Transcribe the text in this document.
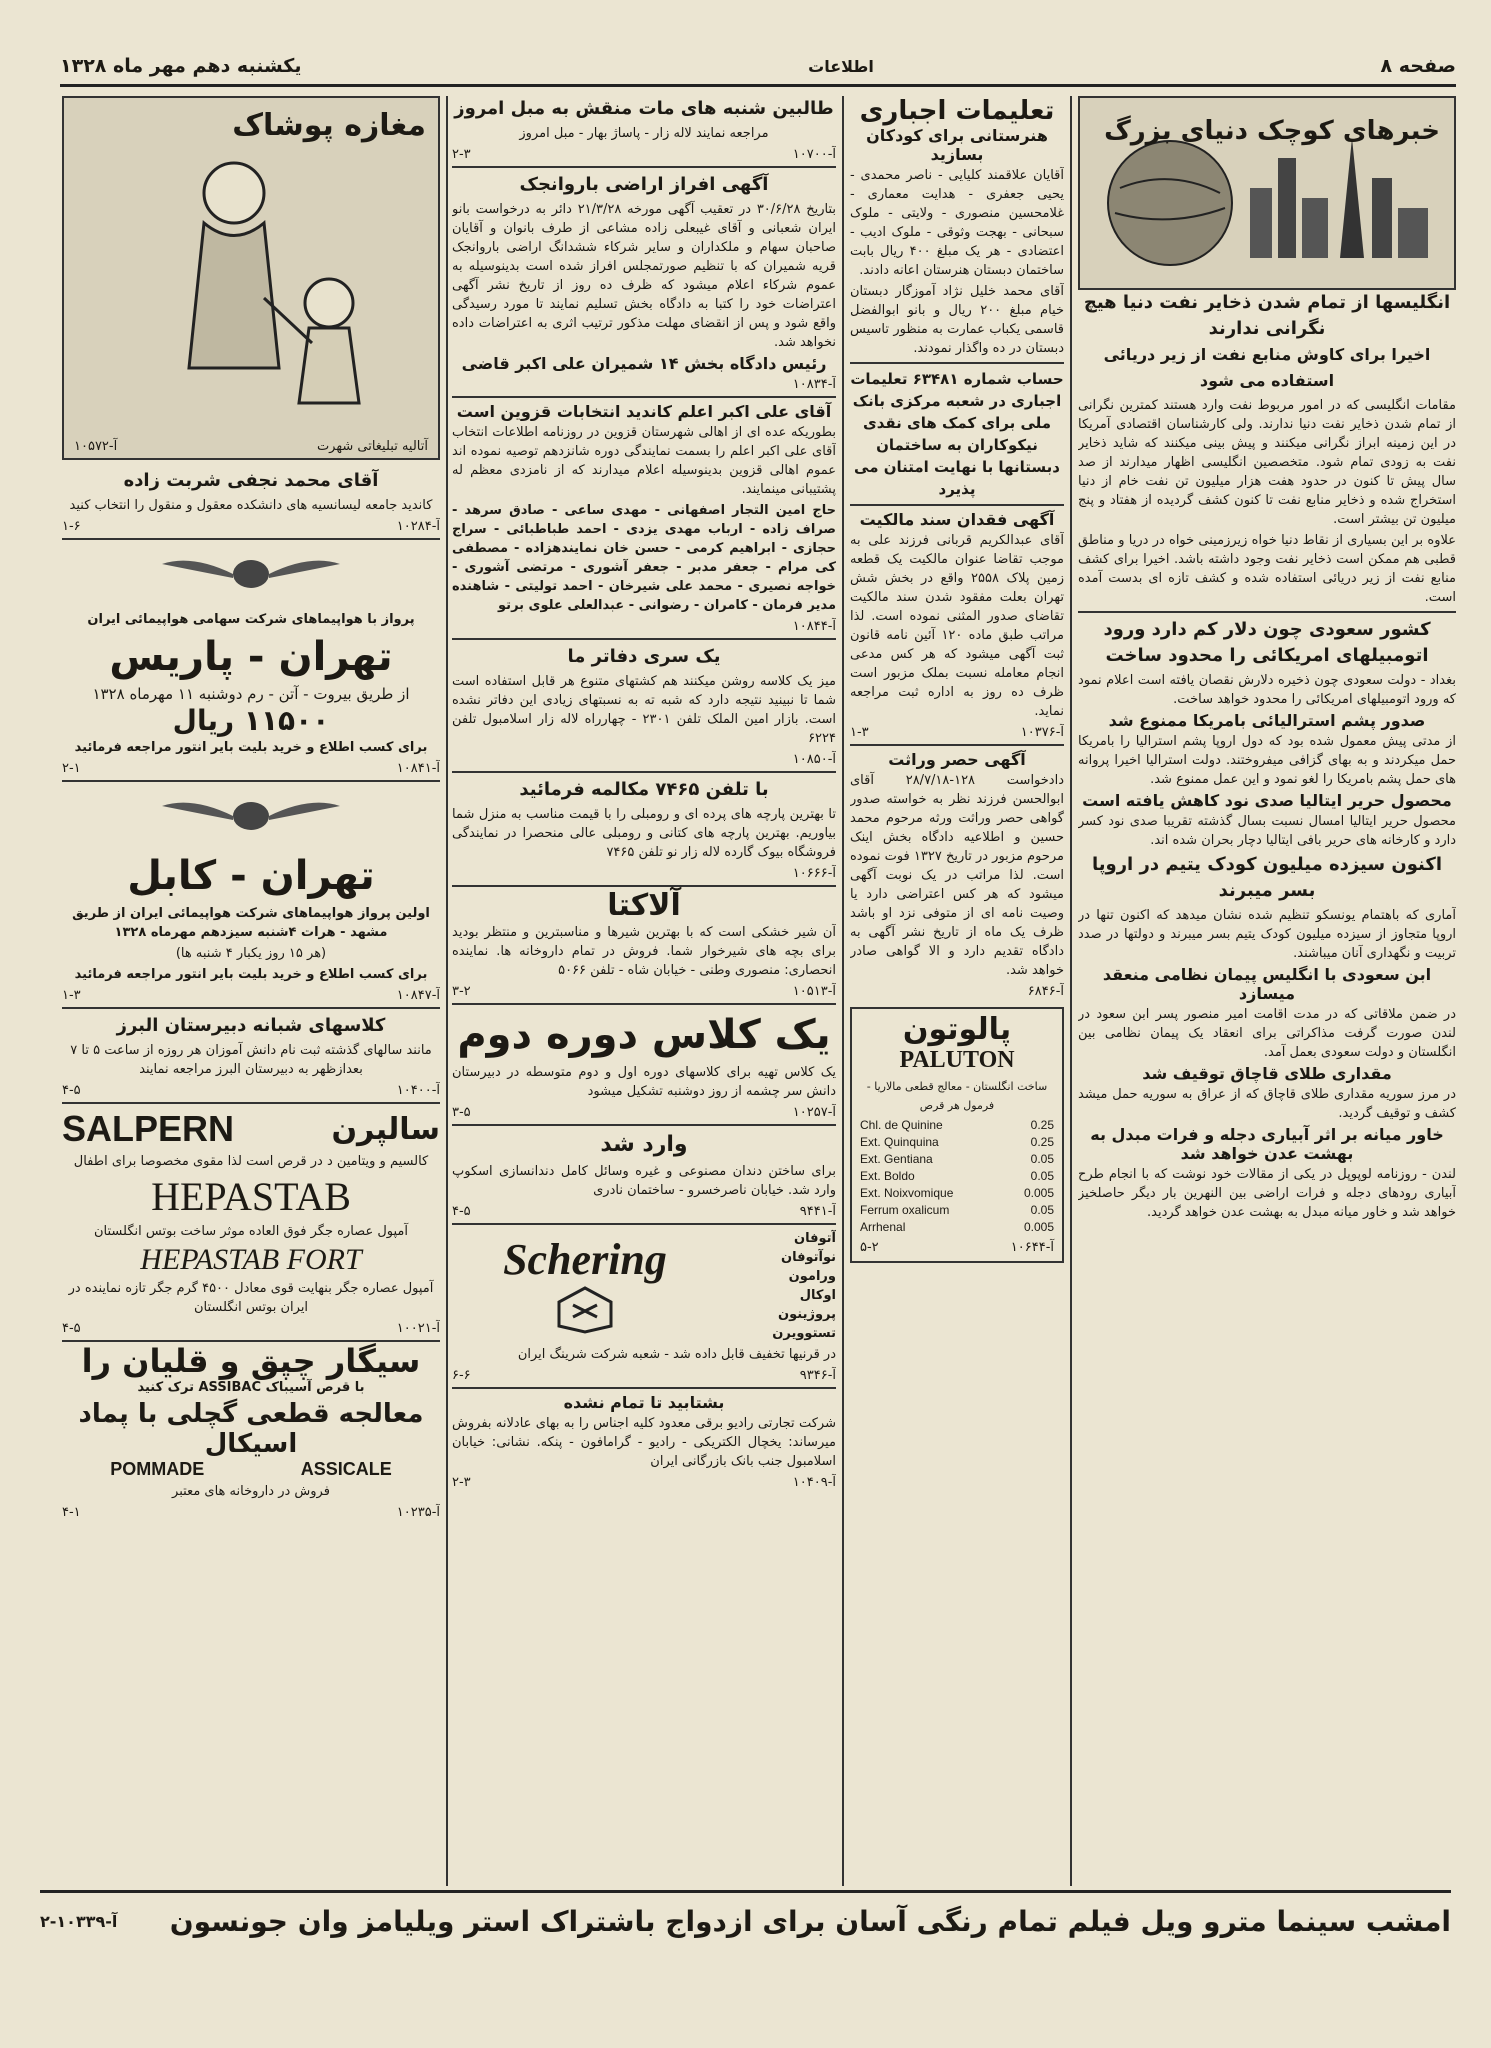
صفحه ۸
اطلاعات
یکشنبه دهم مهر ماه ۱۳۲۸
خبرهای کوچک دنیای بزرگ
انگلیسها از تمام شدن ذخایر نفت دنیا هیچ نگرانی ندارند
اخیرا برای کاوش منابع نفت از زیر دریائی استفاده می شود

مقامات انگلیسی که در امور مربوط نفت وارد هستند کمترین نگرانی از تمام شدن ذخایر نفت دنیا ندارند. ولی کارشناسان اقتصادی آمریکا در این زمینه ابراز نگرانی میکنند و پیش بینی میکنند که شاید ذخایر نفت به زودی تمام شود. متخصصین انگلیسی اظهار میدارند از صد سال پیش تا کنون در حدود هفت هزار میلیون تن نفت خام از دنیا استخراج شده و ذخایر منابع نفت تا کنون کشف گردیده از هفتاد و پنج میلیون تن بیشتر است.

علاوه بر این بسیاری از نقاط دنیا خواه زیرزمینی خواه در دریا و مناطق قطبی هم ممکن است ذخایر نفت وجود داشته باشد. اخیرا برای کشف منابع نفت از زیر دریائی استفاده شده و کشف تازه ای بدست آمده است.

کشور سعودی چون دلار کم دارد ورود اتومبیلهای امریکائی را محدود ساخت

بغداد - دولت سعودی چون ذخیره دلارش نقصان یافته است اعلام نمود که ورود اتومبیلهای امریکائی را محدود خواهد ساخت.

صدور پشم استرالیائی بامریکا ممنوع شد

از مدتی پیش معمول شده بود که دول اروپا پشم استرالیا را بامریکا حمل میکردند و به بهای گزافی میفروختند. دولت استرالیا اخیرا پروانه های حمل پشم بامریکا را لغو نمود و این عمل ممنوع شد.

محصول حریر ایتالیا صدی نود کاهش یافته است

محصول حریر ایتالیا امسال نسبت بسال گذشته تقریبا صدی نود کسر دارد و کارخانه های حریر بافی ایتالیا دچار بحران شده اند.

اکنون سیزده میلیون کودک یتیم در اروپا بسر میبرند

آماری که باهتمام یونسکو تنظیم شده نشان میدهد که اکنون تنها در اروپا متجاوز از سیزده میلیون کودک یتیم بسر میبرند و دولتها در صدد تربیت و نگهداری آنان میباشند.

ابن سعودی با انگلیس پیمان نظامی منعقد میسازد

در ضمن ملاقاتی که در مدت اقامت امیر منصور پسر ابن سعود در لندن صورت گرفت مذاکراتی برای انعقاد یک پیمان نظامی بین انگلستان و دولت سعودی بعمل آمد.

مقداری طلای قاچاق توقیف شد

در مرز سوریه مقداری طلای قاچاق که از عراق به سوریه حمل میشد کشف و توقیف گردید.

خاور میانه بر اثر آبیاری دجله و فرات مبدل به بهشت عدن خواهد شد

لندن - روزنامه لوپوپل در یکی از مقالات خود نوشت که با انجام طرح آبیاری رودهای دجله و فرات اراضی بین النهرین بار دیگر حاصلخیز خواهد شد و خاور میانه مبدل به بهشت عدن خواهد گردید.

تعلیمات اجباری
هنرستانی برای کودکان بسازید

آقایان علاقمند کلیایی - ناصر محمدی - یحیی جعفری - هدایت معماری - غلامحسین منصوری - ولایتی - ملوک سبحانی - بهجت وثوقی - ملوک ادیب - اعتضادی - هر یک مبلغ ۴۰۰ ریال بابت ساختمان دبستان هنرستان اعانه دادند.

آقای محمد خلیل نژاد آموزگار دبستان خیام مبلغ ۲۰۰ ریال و بانو ابوالفضل قاسمی یکباب عمارت به منظور تاسیس دبستان در ده واگذار نمودند.

حساب شماره ۶۳۴۸۱ تعلیمات اجباری در شعبه مرکزی بانک ملی برای کمک های نقدی نیکوکاران به ساختمان دبستانها با نهایت امتنان می پذیرد
آگهی فقدان سند مالکیت

آقای عبدالکریم قربانی فرزند علی به موجب تقاضا عنوان مالکیت یک قطعه زمین پلاک ۲۵۵۸ واقع در بخش شش تهران بعلت مفقود شدن سند مالکیت تقاضای صدور المثنی نموده است. لذا مراتب طبق ماده ۱۲۰ آئین نامه قانون ثبت آگهی میشود که هر کس مدعی انجام معامله نسبت بملک مزبور است ظرف ده روز به اداره ثبت مراجعه نماید.

آ-۱۰۳۷۶
۱-۳
آگهی حصر وراثت

دادخواست ۱۲۸-۲۸/۷/۱۸ آقای ابوالحسن فرزند نظر به خواسته صدور گواهی حصر وراثت ورثه مرحوم محمد حسین و اطلاعیه دادگاه بخش اینک مرحوم مزبور در تاریخ ۱۳۲۷ فوت نموده است. لذا مراتب در یک نوبت آگهی میشود که هر کس اعتراضی دارد یا وصیت نامه ای از متوفی نزد او باشد ظرف یک ماه از تاریخ نشر آگهی به دادگاه تقدیم دارد و الا گواهی صادر خواهد شد.

آ-۶۸۴۶
پالوتون
PALUTON

ساخت انگلستان - معالج قطعی مالاریا - فرمول هر قرص

Chl. de Quinine	0.25
Ext. Quinquina	0.25
Ext. Gentiana	0.05
Ext. Boldo	0.05
Ext. Noixvomique	0.005
Ferrum oxalicum	0.05
Arrhenal	0.005
آ-۱۰۶۴۴
۵-۲
طالبین شنبه های مات منقش به مبل امروز

مراجعه نمایند لاله زار - پاساژ بهار - مبل امروز

آ-۱۰۷۰۰
۲-۳
آگهی افراز اراضی باروانجک

بتاریخ ۳۰/۶/۲۸ در تعقیب آگهی مورخه ۲۱/۳/۲۸ دائر به درخواست بانو ایران شعبانی و آقای غیبعلی زاده مشاعی از طرف بانوان و آقایان صاحبان سهام و ملکداران و سایر شرکاء ششدانگ اراضی باروانجک قریه شمیران که با تنظیم صورتمجلس افراز شده است بدینوسیله به عموم شرکاء اعلام میشود که ظرف ده روز از تاریخ نشر آگهی اعتراضات خود را کتبا به دادگاه بخش تسلیم نمایند تا مورد رسیدگی واقع شود و پس از انقضای مهلت مذکور ترتیب اثری به اعتراضات داده نخواهد شد.

رئیس دادگاه بخش ۱۴ شمیران علی اکبر قاضی
آ-۱۰۸۳۴
آقای علی اکبر اعلم کاندید انتخابات قزوین است

بطوریکه عده ای از اهالی شهرستان قزوین در روزنامه اطلاعات انتخاب آقای علی اکبر اعلم را بسمت نمایندگی دوره شانزدهم توصیه نموده اند عموم اهالی قزوین بدینوسیله اعلام میدارند که از نامزدی معظم له پشتیبانی مینمایند.

حاج امین التجار اصفهانی - مهدی ساعی - صادق سرهد - صراف زاده - ارباب مهدی یزدی - احمد طباطبائی - سراج حجازی - ابراهیم کرمی - حسن خان نمایندهزاده - مصطفی کی مرام - جعفر مدبر - جعفر آشوری - مرتضی آشوری - خواجه نصیری - محمد علی شیرخان - احمد تولیتی - شاهنده مدیر فرمان - کامران - رضوانی - عبدالعلی علوی برتو

آ-۱۰۸۴۴
یک سری دفاتر ما

میز یک کلاسه روشن میکنند هم کشتهای متنوع هر قابل استفاده است شما تا نبینید نتیجه دارد که شبه ته به نسبتهای زیادی این دفاتر نشده است. بازار امین الملک تلفن ۲۳۰۱ - چهارراه لاله زار اسلامبول تلفن ۶۲۲۴

آ-۱۰۸۵۰
با تلفن ۷۴۶۵ مکالمه فرمائید

تا بهترین پارچه های پرده ای و رومبلی را با قیمت مناسب به منزل شما بیاوریم. بهترین پارچه های کتانی و رومبلی عالی منحصرا در نمایندگی فروشگاه بیوک گارده لاله زار نو تلفن ۷۴۶۵

آ-۱۰۶۶۶
آلاکتا

آن شیر خشکی است که با بهترین شیرها و مناسبترین و منتظر بودید برای بچه های شیرخوار شما. فروش در تمام داروخانه ها. نماینده انحصاری: منصوری وطنی - خیابان شاه - تلفن ۵۰۶۶

آ-۱۰۵۱۳
۳-۲
یک کلاس دوره دوم

یک کلاس تهیه برای کلاسهای دوره اول و دوم متوسطه در دبیرستان دانش سر چشمه از روز دوشنبه تشکیل میشود

آ-۱۰۲۵۷
۳-۵
وارد شد

برای ساختن دندان مصنوعی و غیره وسائل کامل دندانسازی اسکوپ وارد شد. خیابان ناصرخسرو - ساختمان نادری

آ-۹۴۴۱
۴-۵
آتوفان
نوآتوفان
ورامون
اوکال
پروژینون
تستوویرن
Schering

در قرنیها تخفیف قابل داده شد - شعبه شرکت شرینگ ایران

آ-۹۳۴۶
۶-۶
بشتابید تا تمام نشده

شرکت تجارتی رادیو برقی معدود کلیه اجناس را به بهای عادلانه بفروش میرساند: یخچال الکتریکی - رادیو - گرامافون - پنکه. نشانی: خیابان اسلامبول جنب بانک بازرگانی ایران

آ-۱۰۴۰۹
۲-۳
مغازه پوشاک
آتالیه تبلیغاتی شهرت
آ-۱۰۵۷۲
آقای محمد نجفی شربت زاده

کاندید جامعه لیسانسیه های دانشکده معقول و منقول را انتخاب کنید

آ-۱۰۲۸۴
۱-۶

پرواز با هواپیماهای شرکت سهامی هواپیمائی ایران

تهران - پاریس

از طریق بیروت - آتن - رم دوشنبه ۱۱ مهرماه ۱۳۲۸

۱۱۵۰۰ ریال

برای کسب اطلاع و خرید بلیت بایر انتور مراجعه فرمائید

آ-۱۰۸۴۱
۲-۱
تهران - کابل

اولین پرواز هواپیماهای شرکت هواپیمائی ایران از طریق مشهد - هرات ۴شنبه سیزدهم مهرماه ۱۳۲۸

(هر ۱۵ روز یکبار ۴ شنبه ها)

برای کسب اطلاع و خرید بلیت بایر انتور مراجعه فرمائید

آ-۱۰۸۴۷
۱-۳
کلاسهای شبانه دبیرستان البرز

مانند سالهای گذشته ثبت نام دانش آموزان هر روزه از ساعت ۵ تا ۷ بعدازظهر به دبیرستان البرز مراجعه نمایند

آ-۱۰۴۰۰
۴-۵
سالپرن
SALPERN

کالسیم و ویتامین د در قرص است لذا مقوی مخصوصا برای اطفال

HEPASTAB

آمپول عصاره جگر فوق العاده موثر ساخت بوتس انگلستان

HEPASTAB FORT

آمپول عصاره جگر بنهایت قوی معادل ۴۵۰۰ گرم جگر تازه نماینده در ایران بوتس انگلستان

آ-۱۰۰۲۱
۴-۵
سیگار چپق و قلیان را

با قرص آسیباک ASSIBAC ترک کنید

معالجه قطعی گچلی با پماد اسیکال
ASSICALE
POMMADE

فروش در داروخانه های معتبر

آ-۱۰۲۳۵
۴-۱
امشب سینما مترو ویل فیلم تمام رنگی آسان برای ازدواج باشتراک استر ویلیامز وان جونسون
آ-۱۰۳۳۹-۲
